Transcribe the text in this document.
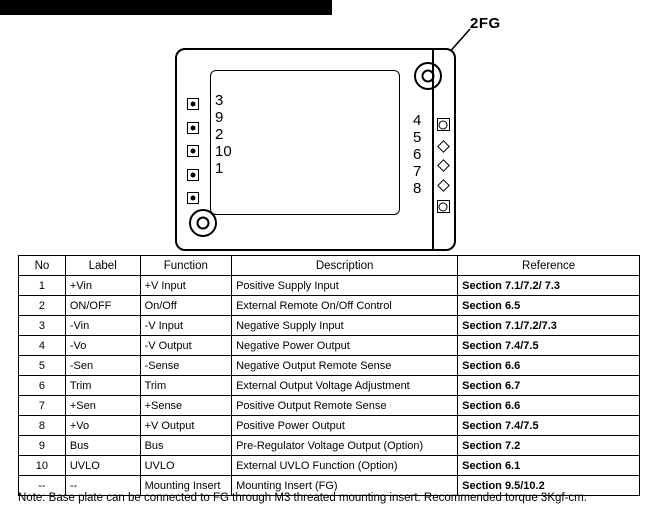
2FG
3
9
2
10
1
4
5
6
7
8
No	Label	Function	Description	Reference
1	+Vin	+V Input	Positive Supply Input	Section 7.1/7.2/ 7.3
2	ON/OFF	On/Off	External Remote On/Off Control	Section 6.5
3	-Vin	-V Input	Negative Supply Input	Section 7.1/7.2/7.3
4	-Vo	-V Output	Negative Power Output	Section 7.4/7.5
5	-Sen	-Sense	Negative Output Remote Sense	Section 6.6
6	Trim	Trim	External Output Voltage Adjustment	Section 6.7
7	+Sen	+Sense	Positive Output Remote Sense	Section 6.6
8	+Vo	+V Output	Positive Power Output	Section 7.4/7.5
9	Bus	Bus	Pre-Regulator Voltage Output (Option)	Section 7.2
10	UVLO	UVLO	External UVLO Function (Option)	Section 6.1
--	--	Mounting Insert	Mounting Insert (FG)	Section 9.5/10.2
Note: Base plate can be connected to FG through M3 threated mounting insert. Recommended torque 3Kgf-cm.
